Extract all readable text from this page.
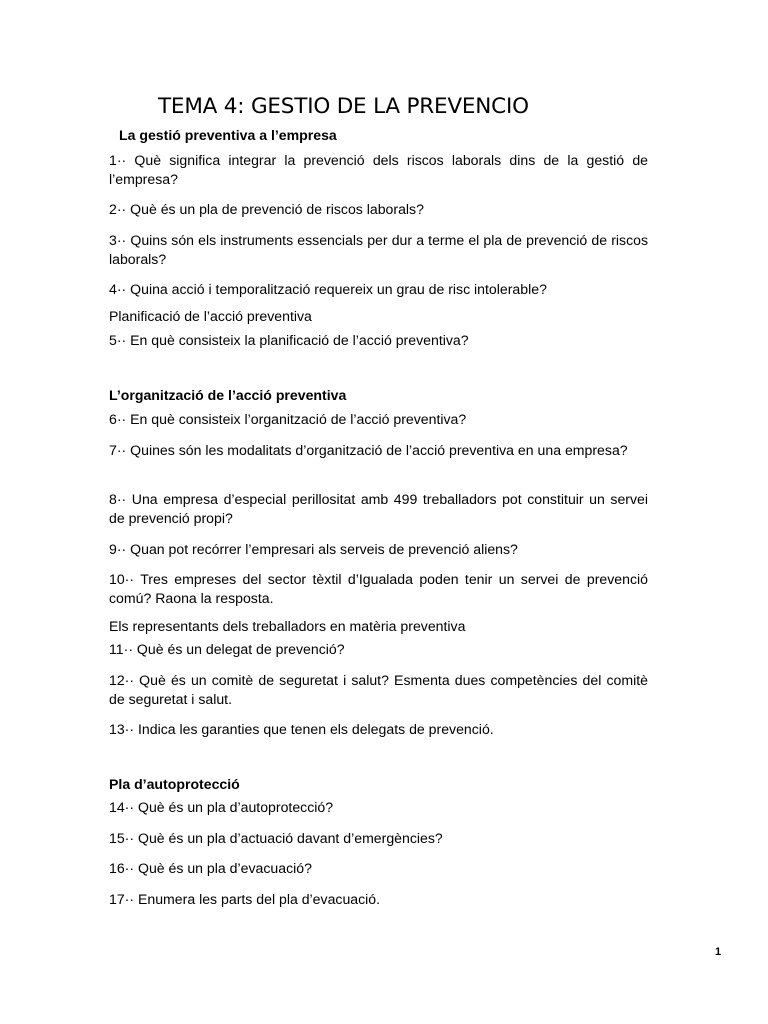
TEMA 4: GESTIO DE LA PREVENCIO

La gestió preventiva a l’empresa

1·· Què significa integrar la prevenció dels riscos laborals dins de la gestió de l’empresa?

2·· Què és un pla de prevenció de riscos laborals?

3·· Quins són els instruments essencials per dur a terme el pla de prevenció de riscos laborals?

4·· Quina acció i temporalització requereix un grau de risc intolerable?

Planificació de l’acció preventiva

5·· En què consisteix la planificació de l’acció preventiva?

L’organització de l’acció preventiva

6·· En què consisteix l’organització de l’acció preventiva?

7·· Quines són les modalitats d’organització de l’acció preventiva en una empresa?

8·· Una empresa d’especial perillositat amb 499 treballadors pot constituir un servei de prevenció propi?

9·· Quan pot recórrer l’empresari als serveis de prevenció aliens?

10·· Tres empreses del sector tèxtil d’Igualada poden tenir un servei de prevenció comú? Raona la resposta.

Els representants dels treballadors en matèria preventiva

11·· Què és un delegat de prevenció?

12·· Què és un comitè de seguretat i salut? Esmenta dues competències del comitè de seguretat i salut.

13·· Indica les garanties que tenen els delegats de prevenció.

Pla d’autoprotecció

14·· Què és un pla d’autoprotecció?

15·· Què és un pla d’actuació davant d’emergències?

16·· Què és un pla d’evacuació?

17·· Enumera les parts del pla d’evacuació.

1
